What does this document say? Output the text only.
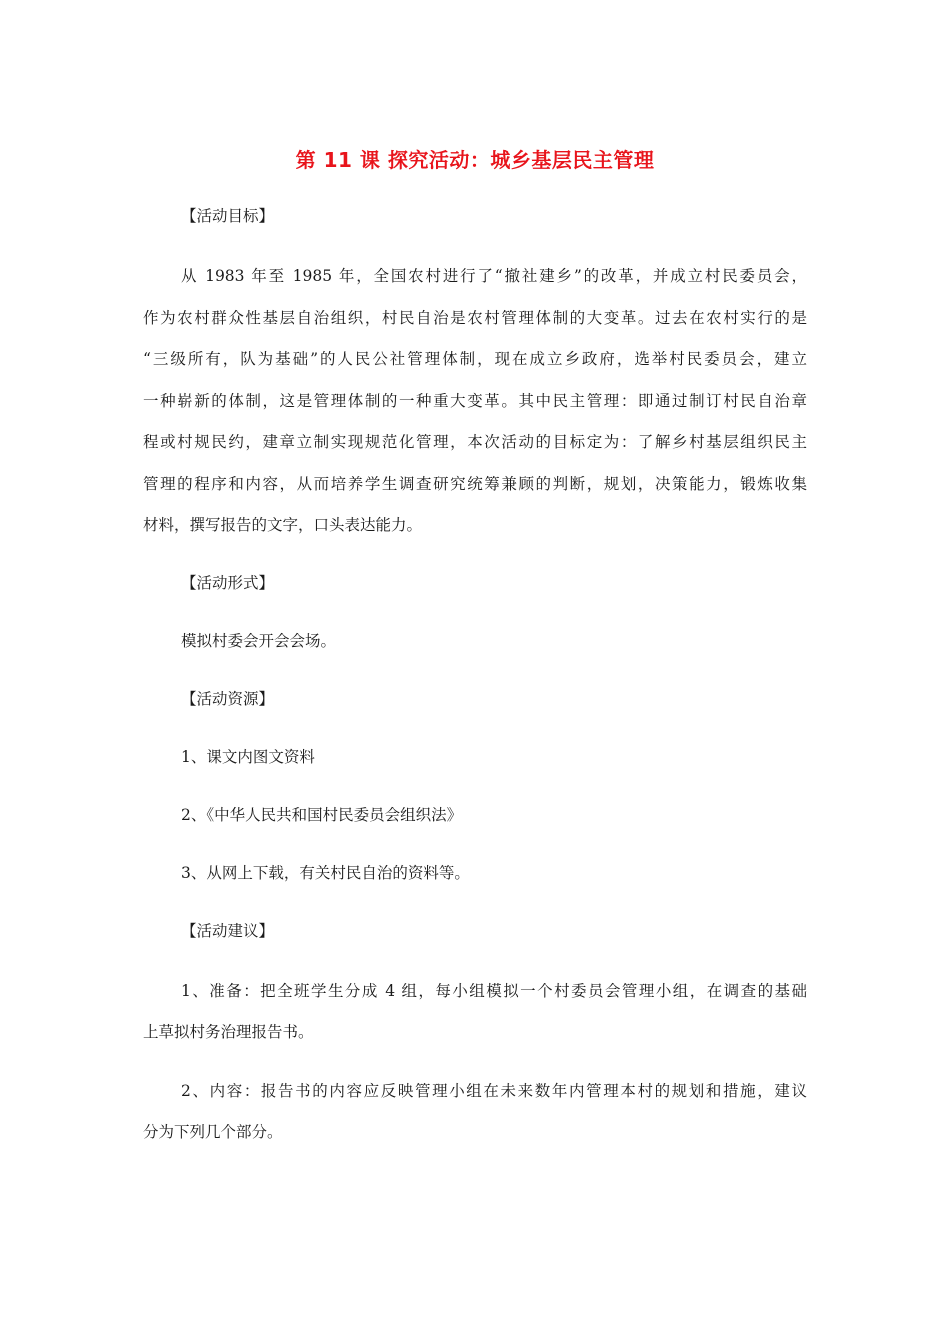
第 11 课 探究活动：城乡基层民主管理
【活动目标】
从 1983 年至 1985 年，全国农村进行了“撤社建乡”的改革，并成立村民委员会，
作为农村群众性基层自治组织，村民自治是农村管理体制的大变革。过去在农村实行的是
“三级所有，队为基础”的人民公社管理体制，现在成立乡政府，选举村民委员会，建立
一种崭新的体制，这是管理体制的一种重大变革。其中民主管理：即通过制订村民自治章
程或村规民约，建章立制实现规范化管理，本次活动的目标定为：了解乡村基层组织民主
管理的程序和内容，从而培养学生调查研究统筹兼顾的判断，规划，决策能力，锻炼收集
材料，撰写报告的文字，口头表达能力。
【活动形式】
模拟村委会开会会场。
【活动资源】
1、课文内图文资料
2、《中华人民共和国村民委员会组织法》
3、从网上下载，有关村民自治的资料等。
【活动建议】
1、准备：把全班学生分成 4 组，每小组模拟一个村委员会管理小组，在调查的基础
上草拟村务治理报告书。
2、内容：报告书的内容应反映管理小组在未来数年内管理本村的规划和措施，建议
分为下列几个部分。
